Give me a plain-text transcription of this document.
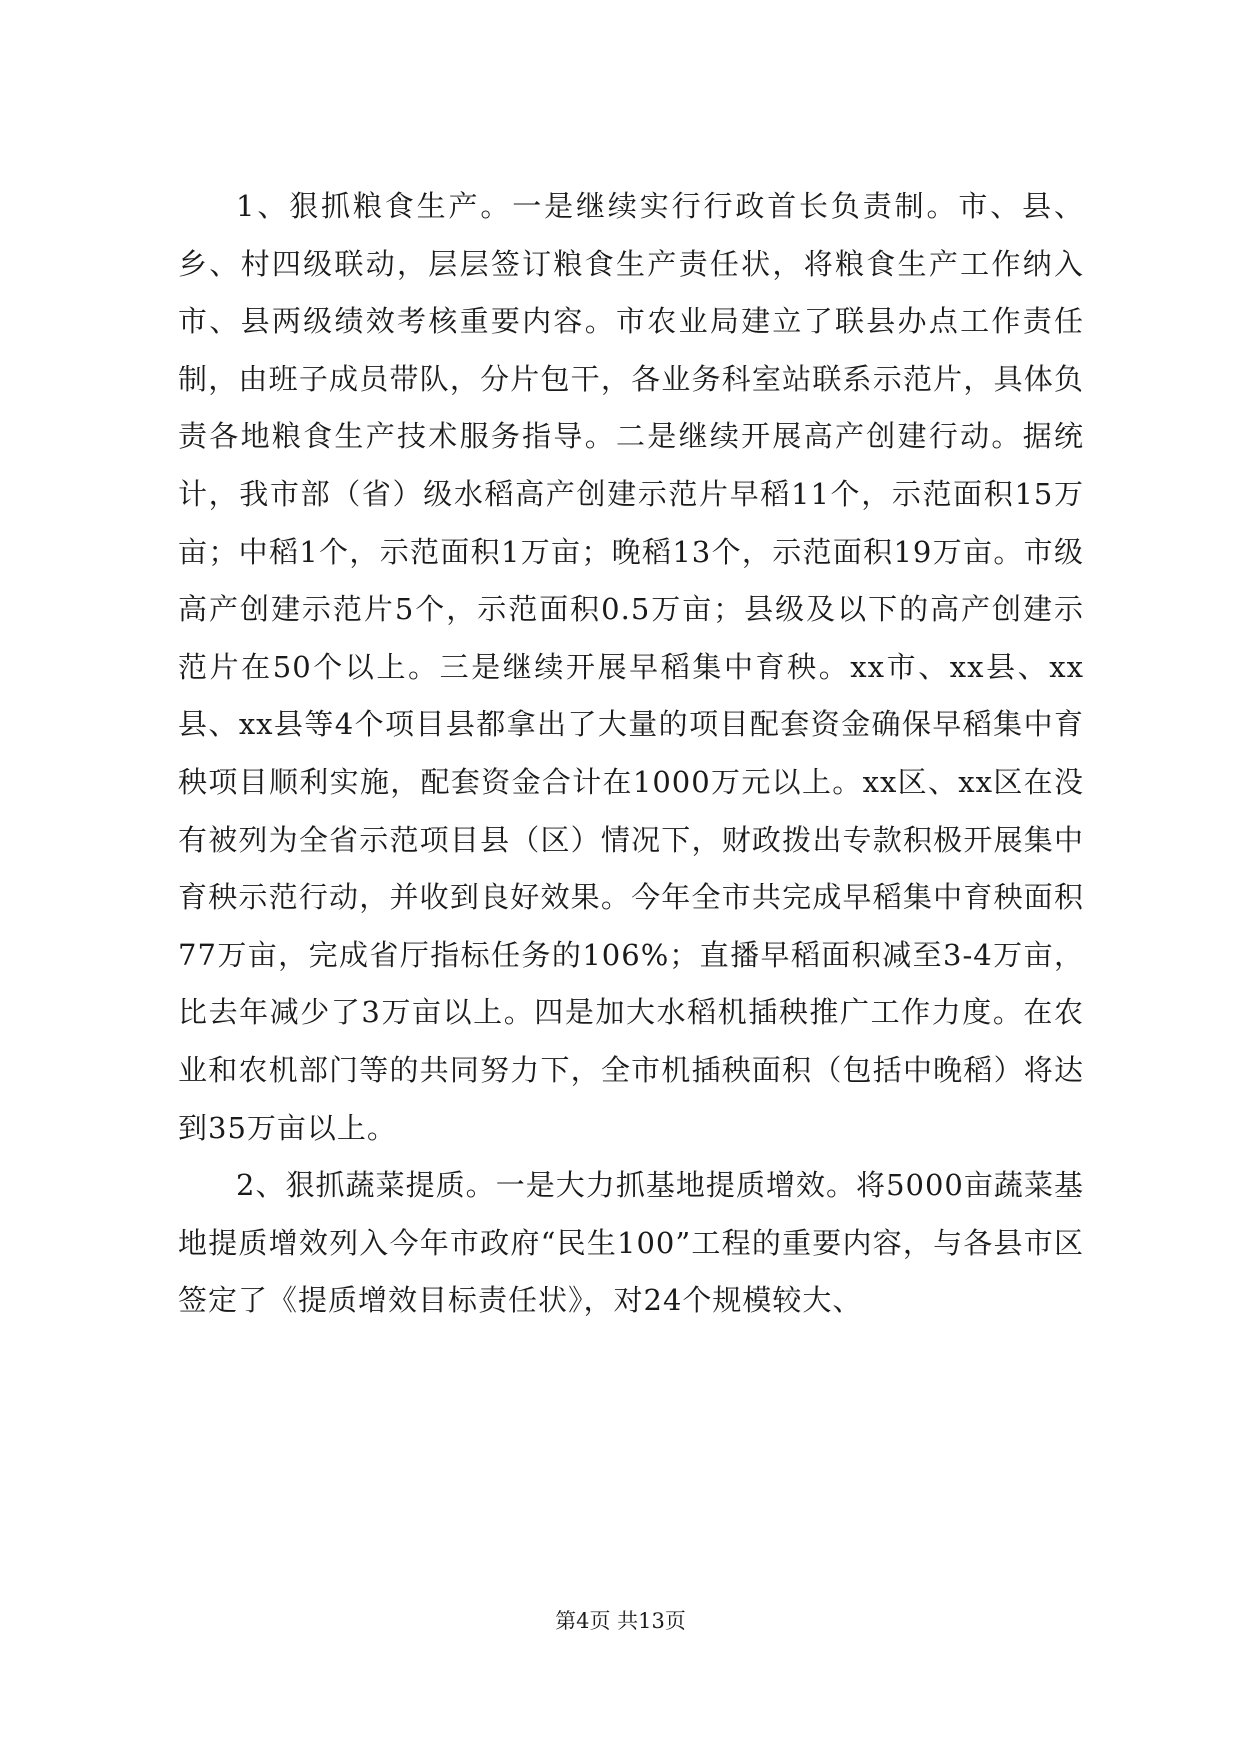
1、狠抓粮食生产。一是继续实行行政首长负责制。市、县、乡、村四级联动，层层签订粮食生产责任状，将粮食生产工作纳入市、县两级绩效考核重要内容。市农业局建立了联县办点工作责任制，由班子成员带队，分片包干，各业务科室站联系示范片，具体负责各地粮食生产技术服务指导。二是继续开展高产创建行动。据统计，我市部（省）级水稻高产创建示范片早稻11个，示范面积15万亩；中稻1个，示范面积1万亩；晚稻13个，示范面积19万亩。市级高产创建示范片5个，示范面积0.5万亩；县级及以下的高产创建示范片在50个以上。三是继续开展早稻集中育秧。xx市、xx县、xx县、xx县等4个项目县都拿出了大量的项目配套资金确保早稻集中育秧项目顺利实施，配套资金合计在1000万元以上。xx区、xx区在没有被列为全省示范项目县（区）情况下，财政拨出专款积极开展集中育秧示范行动，并收到良好效果。今年全市共完成早稻集中育秧面积77万亩，完成省厅指标任务的106%；直播早稻面积减至3-4万亩，比去年减少了3万亩以上。四是加大水稻机插秧推广工作力度。在农业和农机部门等的共同努力下，全市机插秧面积（包括中晚稻）将达到35万亩以上。

2、狠抓蔬菜提质。一是大力抓基地提质增效。将5000亩蔬菜基地提质增效列入今年市政府“民生100”工程的重要内容，与各县市区签定了《提质增效目标责任状》，对24个规模较大、

第4页 共13页
